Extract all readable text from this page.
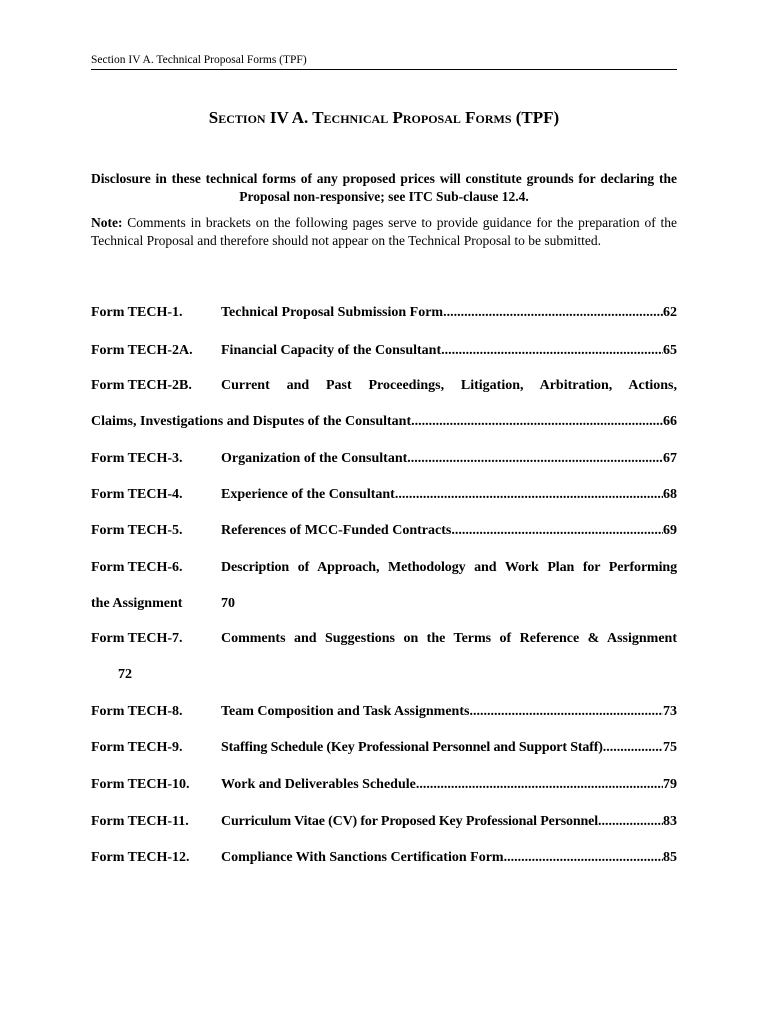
Section IV A. Technical Proposal Forms (TPF)
Section IV A. Technical Proposal Forms (TPF)
Disclosure in these technical forms of any proposed prices will constitute grounds for declaring the Proposal non-responsive; see ITC Sub-clause 12.4.
Note: Comments in brackets on the following pages serve to provide guidance for the preparation of the Technical Proposal and therefore should not appear on the Technical Proposal to be submitted.
Form TECH-1.	Technical Proposal Submission Form .....	62
Form TECH-2A.	Financial Capacity of the Consultant .....	65
Form TECH-2B.	Current and Past Proceedings, Litigation, Arbitration, Actions,
Claims, Investigations and Disputes of the Consultant .....	66
Form TECH-3.	Organization of the Consultant .....	67
Form TECH-4.	Experience of the Consultant .....	68
Form TECH-5.	References of MCC-Funded Contracts .....	69
Form TECH-6.	Description of Approach, Methodology and Work Plan for Performing
the Assignment	70
Form TECH-7.	Comments and Suggestions on the Terms of Reference & Assignment
72
Form TECH-8.	Team Composition and Task Assignments .....	73
Form TECH-9.	Staffing Schedule (Key Professional Personnel and Support Staff) .....	75
Form TECH-10.	Work and Deliverables Schedule .....	79
Form TECH-11.	Curriculum Vitae (CV) for Proposed Key Professional Personnel .....	83
Form TECH-12.	Compliance With Sanctions Certification Form .....	85
